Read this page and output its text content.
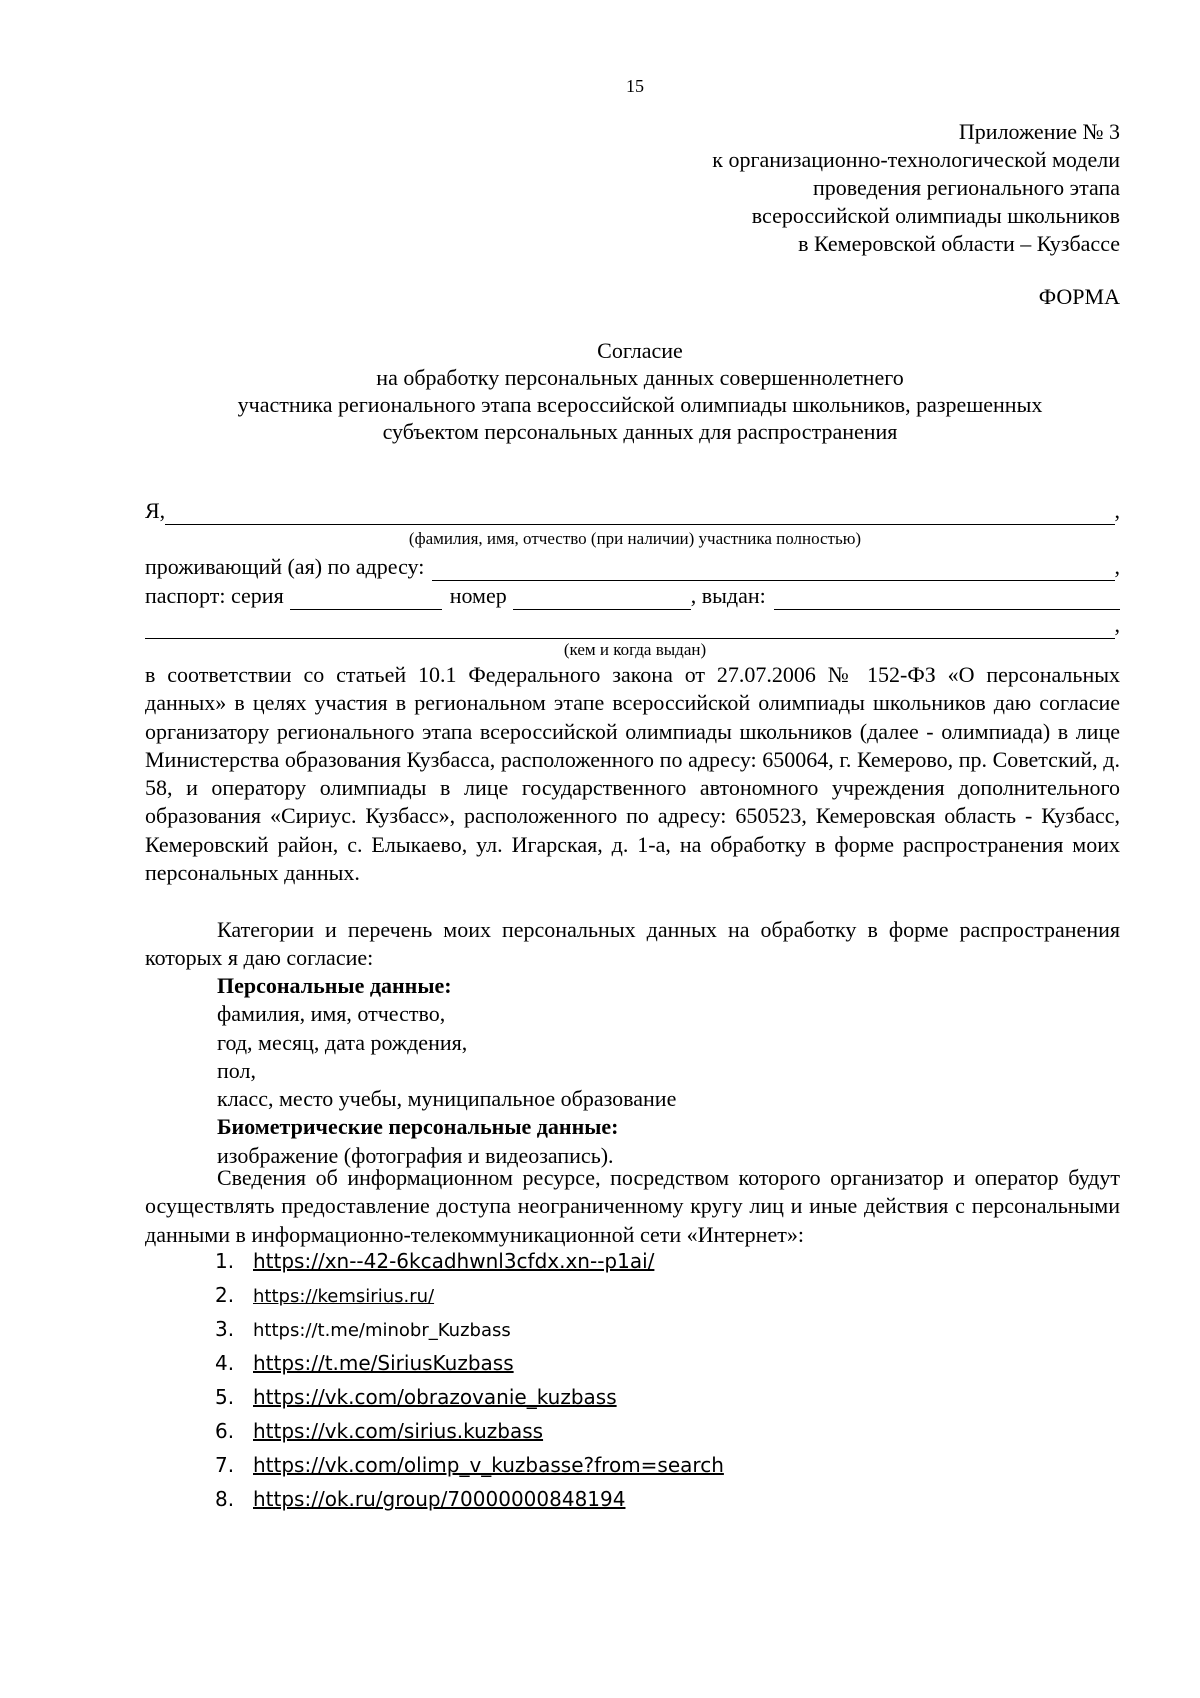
15
Приложение № 3
к организационно-технологической модели
проведения регионального этапа
всероссийской олимпиады школьников
в Кемеровской области – Кузбассе
ФОРМА
Согласие
на обработку персональных данных совершеннолетнего
участника регионального этапа всероссийской олимпиады школьников, разрешенных
субъектом персональных данных для распространения
Я,	,
(фамилия, имя, отчество (при наличии) участника полностью)
проживающий (ая) по адресу:	,
паспорт: серия	номер	, выдан:
,
(кем и когда выдан)
в соответствии со статьей 10.1 Федерального закона от 27.07.2006 № 152-ФЗ «О персональных данных» в целях участия в региональном этапе всероссийской олимпиады школьников даю согласие организатору регионального этапа всероссийской олимпиады школьников (далее - олимпиада) в лице Министерства образования Кузбасса, расположенного по адресу: 650064, г. Кемерово, пр. Советский, д. 58, и оператору олимпиады в лице государственного автономного учреждения дополнительного образования «Сириус. Кузбасс», расположенного по адресу: 650523, Кемеровская область - Кузбасс, Кемеровский район, с. Елыкаево, ул. Игарская, д. 1-а, на обработку в форме распространения моих персональных данных.
Категории и перечень моих персональных данных на обработку в форме распространения которых я даю согласие:
Персональные данные:
фамилия, имя, отчество,
год, месяц, дата рождения,
пол,
класс, место учебы, муниципальное образование
Биометрические персональные данные:
изображение (фотография и видеозапись).
Сведения об информационном ресурсе, посредством которого организатор и оператор будут осуществлять предоставление доступа неограниченному кругу лиц и иные действия с персональными данными в информационно-телекоммуникационной сети «Интернет»:
1. https://xn--42-6kcadhwnl3cfdx.xn--p1ai/
2. https://kemsirius.ru/
3. https://t.me/minobr_Kuzbass
4. https://t.me/SiriusKuzbass
5. https://vk.com/obrazovanie_kuzbass
6. https://vk.com/sirius.kuzbass
7. https://vk.com/olimp_v_kuzbasse?from=search
8. https://ok.ru/group/70000000848194
